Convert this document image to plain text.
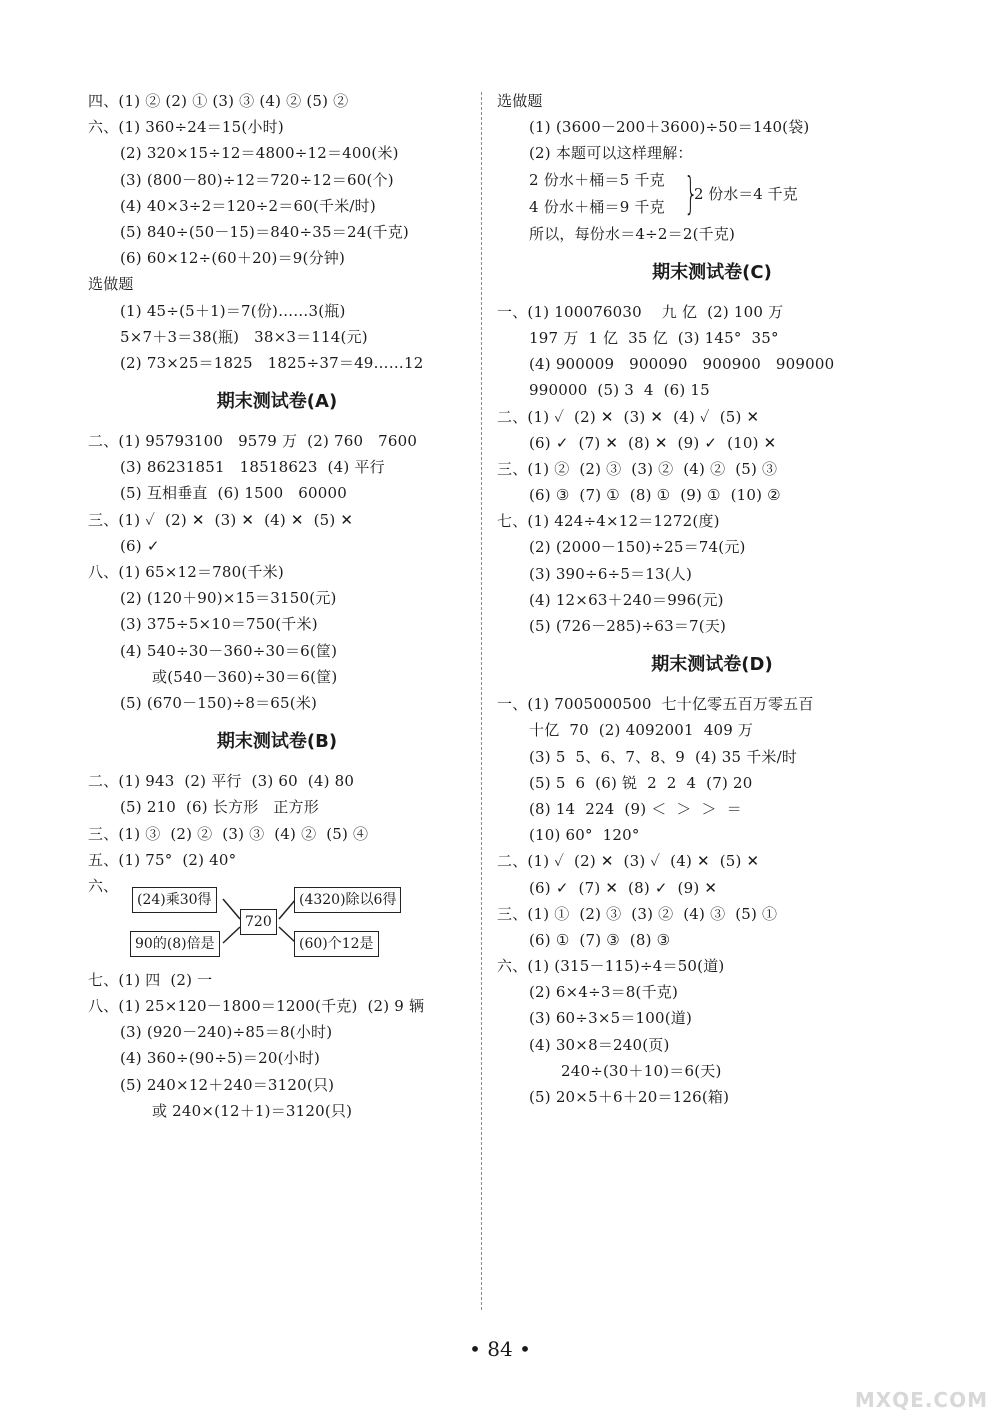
四、(1) ② (2) ① (3) ③ (4) ② (5) ②
六、(1) 360÷24＝15(小时)
(2) 320×15÷12＝4800÷12＝400(米)
(3) (800－80)÷12＝720÷12＝60(个)
(4) 40×3÷2＝120÷2＝60(千米/时)
(5) 840÷(50－15)＝840÷35＝24(千克)
(6) 60×12÷(60＋20)＝9(分钟)
选做题
(1) 45÷(5＋1)＝7(份)……3(瓶)
5×7＋3＝38(瓶)   38×3＝114(元)
(2) 73×25＝1825   1825÷37＝49……12
期末测试卷(A)
二、(1) 95793100   9579 万  (2) 760   7600
(3) 86231851   18518623  (4) 平行
(5) 互相垂直  (6) 1500   60000
三、(1) ✓  (2) ✕  (3) ✕  (4) ✕  (5) ✕
(6) ✓
八、(1) 65×12＝780(千米)
(2) (120＋90)×15＝3150(元)
(3) 375÷5×10＝750(千米)
(4) 540÷30－360÷30＝6(筐)
或(540－360)÷30＝6(筐)
(5) (670－150)÷8＝65(米)
期末测试卷(B)
二、(1) 943  (2) 平行  (3) 60  (4) 80
(5) 210  (6) 长方形   正方形
三、(1) ③  (2) ②  (3) ③  (4) ②  (5) ④
五、(1) 75°  (2) 40°
六、
(24)乘30得
90的(8)倍是
720
(4320)除以6得
(60)个12是
七、(1) 四  (2) 一
八、(1) 25×120－1800＝1200(千克)  (2) 9 辆
(3) (920－240)÷85＝8(小时)
(4) 360÷(90÷5)＝20(小时)
(5) 240×12＋240＝3120(只)
或 240×(12＋1)＝3120(只)
选做题
(1) (3600－200＋3600)÷50＝140(袋)
(2) 本题可以这样理解：
2 份水＋桶＝5 千克
4 份水＋桶＝9 千克 }
2 份水＝4 千克
所以，每份水＝4÷2＝2(千克)
期末测试卷(C)
一、(1) 100076030    九 亿  (2) 100 万
197 万  1 亿  35 亿  (3) 145°  35°
(4) 900009   900090   900900   909000
990000  (5) 3  4  (6) 15
二、(1) ✓  (2) ✕  (3) ✕  (4) ✓  (5) ✕
(6) ✓  (7) ✕  (8) ✕  (9) ✓  (10) ✕
三、(1) ②  (2) ③  (3) ②  (4) ②  (5) ③
(6) ③  (7) ①  (8) ①  (9) ①  (10) ②
七、(1) 424÷4×12＝1272(度)
(2) (2000－150)÷25＝74(元)
(3) 390÷6÷5＝13(人)
(4) 12×63＋240＝996(元)
(5) (726－285)÷63＝7(天)
期末测试卷(D)
一、(1) 7005000500  七十亿零五百万零五百
十亿  70  (2) 4092001  409 万
(3) 5  5、6、7、8、9  (4) 35 千米/时
(5) 5  6  (6) 锐  2  2  4  (7) 20
(8) 14  224  (9) ＜  ＞  ＞  ＝
(10) 60°  120°
二、(1) ✓  (2) ✕  (3) ✓  (4) ✕  (5) ✕
(6) ✓  (7) ✕  (8) ✓  (9) ✕
三、(1) ①  (2) ③  (3) ②  (4) ③  (5) ①
(6) ①  (7) ③  (8) ③
六、(1) (315－115)÷4＝50(道)
(2) 6×4÷3＝8(千克)
(3) 60÷3×5＝100(道)
(4) 30×8＝240(页)
240÷(30＋10)＝6(天)
(5) 20×5＋6＋20＝126(箱)
• 84 •
MXQE.COM
